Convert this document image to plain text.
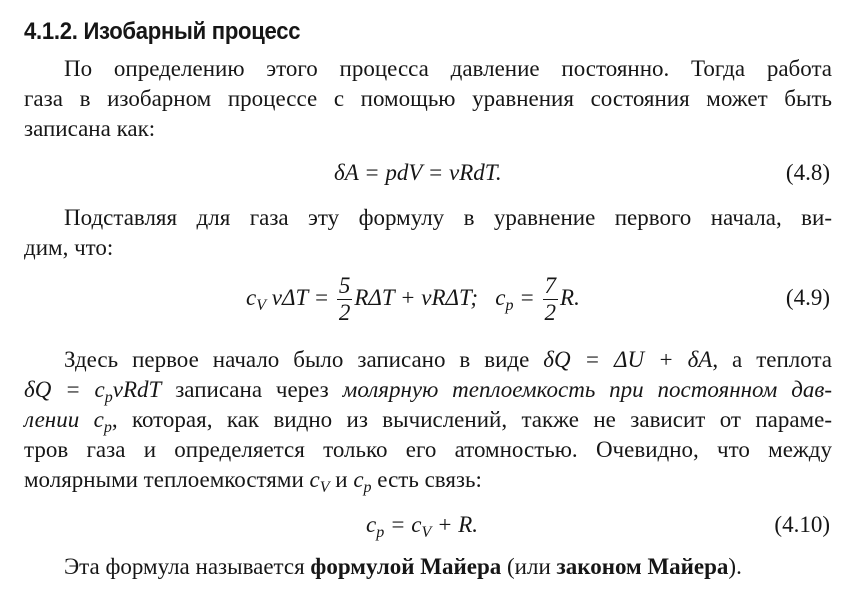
4.1.2. Изобарный процесс
По определению этого процесса давление постоянно. Тогда работа
газа в изобарном процессе с помощью уравнения состояния может быть
записана как:
δA = pdV = νRdT.	(4.8)
Подставляя для газа эту формулу в уравнение первого начала, ви-
дим, что:
$c_V$ $\nu\Delta T = \frac{5}{2}$ RΔT + νRΔT;   $c_p = \frac{7}{2} R$.	(4.9)
Здесь первое начало было записано в виде δQ = ΔU + δA, а теплота
$\delta Q = c_p\nu RdT$ записана через молярную теплоемкость при постоянном дав-
лении $c_p$, которая, как видно из вычислений, также не зависит от параме-
тров газа и определяется только его атомностью. Очевидно, что между
молярными теплоемкостями $c_V$ и $c_p$ есть связь:
$c_p = c_V + R$.	(4.10)
Эта формула называется формулой Майера (или законом Майера).
